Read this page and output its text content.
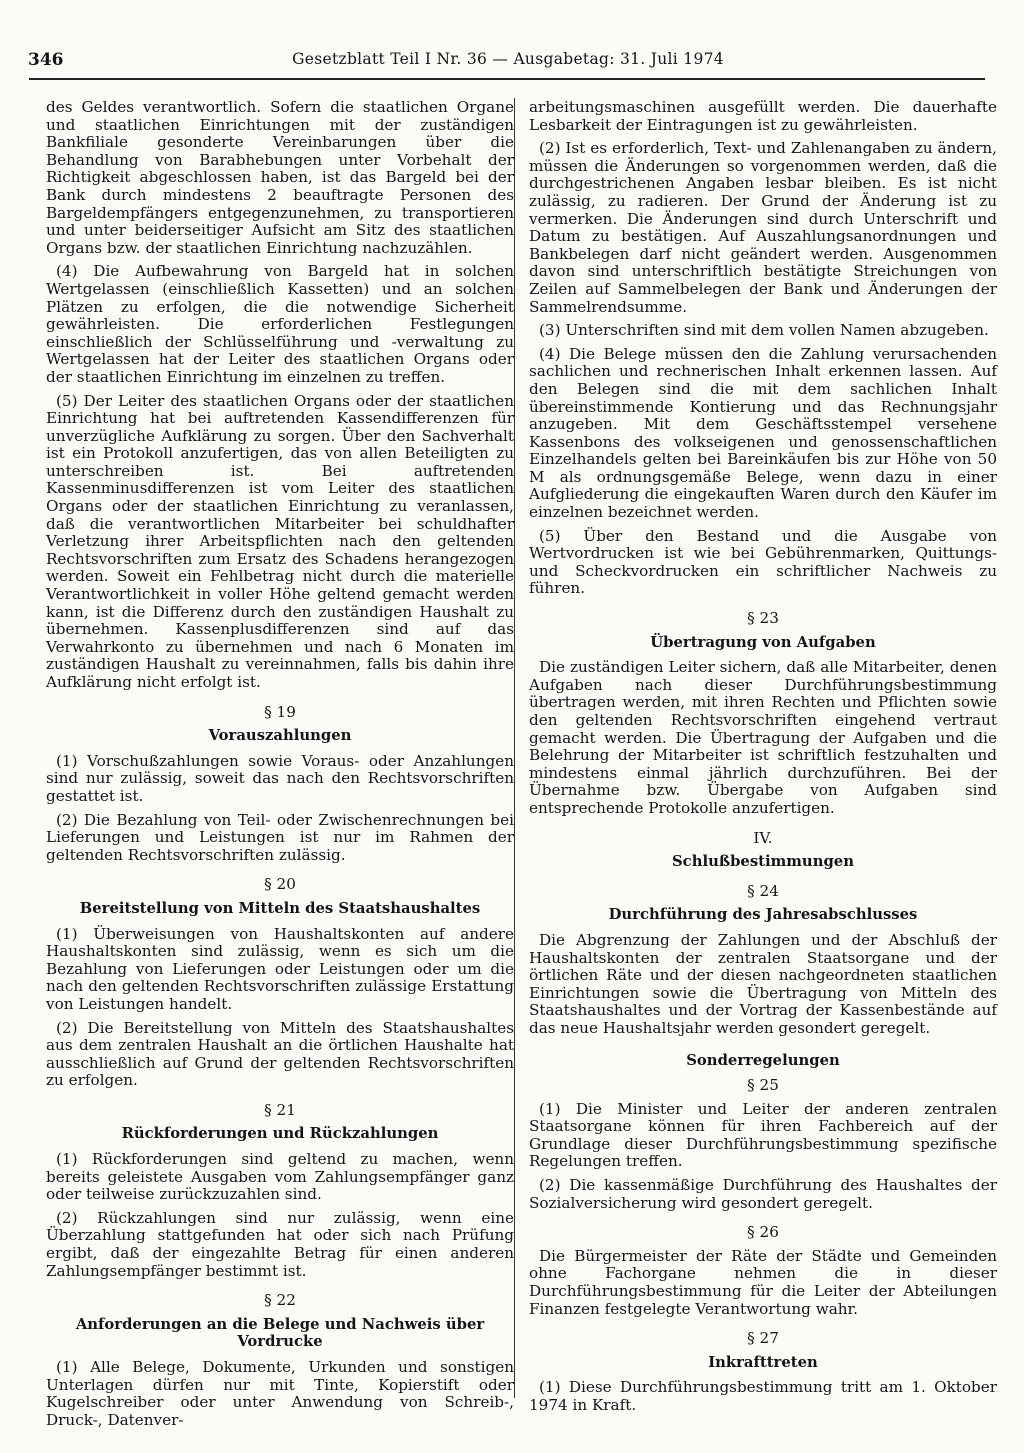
346	Gesetzblatt Teil I Nr. 36 — Ausgabetag: 31. Juli 1974

des Geldes verantwortlich. Sofern die staatlichen Organe und staatlichen Einrichtungen mit der zuständigen Bankfiliale gesonderte Vereinbarungen über die Behandlung von Barabhebungen unter Vorbehalt der Richtigkeit abgeschlossen haben, ist das Bargeld bei der Bank durch mindestens 2 beauftragte Personen des Bargeldempfängers entgegenzunehmen, zu transportieren und unter beiderseitiger Aufsicht am Sitz des staatlichen Organs bzw. der staatlichen Einrichtung nachzuzählen.

(4) Die Aufbewahrung von Bargeld hat in solchen Wertgelassen (einschließlich Kassetten) und an solchen Plätzen zu erfolgen, die die notwendige Sicherheit gewährleisten. Die erforderlichen Festlegungen einschließlich der Schlüsselführung und -verwaltung zu Wertgelassen hat der Leiter des staatlichen Organs oder der staatlichen Einrichtung im einzelnen zu treffen.

(5) Der Leiter des staatlichen Organs oder der staatlichen Einrichtung hat bei auftretenden Kassendifferenzen für unverzügliche Aufklärung zu sorgen. Über den Sachverhalt ist ein Protokoll anzufertigen, das von allen Beteiligten zu unterschreiben ist. Bei auftretenden Kassenminusdifferenzen ist vom Leiter des staatlichen Organs oder der staatlichen Einrichtung zu veranlassen, daß die verantwortlichen Mitarbeiter bei schuldhafter Verletzung ihrer Arbeitspflichten nach den geltenden Rechtsvorschriften zum Ersatz des Schadens herangezogen werden. Soweit ein Fehlbetrag nicht durch die materielle Verantwortlichkeit in voller Höhe geltend gemacht werden kann, ist die Differenz durch den zuständigen Haushalt zu übernehmen. Kassenplusdifferenzen sind auf das Verwahrkonto zu übernehmen und nach 6 Monaten im zuständigen Haushalt zu vereinnahmen, falls bis dahin ihre Aufklärung nicht erfolgt ist.

§ 19
Vorauszahlungen

(1) Vorschußzahlungen sowie Voraus- oder Anzahlungen sind nur zulässig, soweit das nach den Rechtsvorschriften gestattet ist.

(2) Die Bezahlung von Teil- oder Zwischenrechnungen bei Lieferungen und Leistungen ist nur im Rahmen der geltenden Rechtsvorschriften zulässig.

§ 20
Bereitstellung von Mitteln des Staatshaushaltes

(1) Überweisungen von Haushaltskonten auf andere Haushaltskonten sind zulässig, wenn es sich um die Bezahlung von Lieferungen oder Leistungen oder um die nach den geltenden Rechtsvorschriften zulässige Erstattung von Leistungen handelt.

(2) Die Bereitstellung von Mitteln des Staatshaushaltes aus dem zentralen Haushalt an die örtlichen Haushalte hat ausschließlich auf Grund der geltenden Rechtsvorschriften zu erfolgen.

§ 21
Rückforderungen und Rückzahlungen

(1) Rückforderungen sind geltend zu machen, wenn bereits geleistete Ausgaben vom Zahlungsempfänger ganz oder teilweise zurückzuzahlen sind.

(2) Rückzahlungen sind nur zulässig, wenn eine Überzahlung stattgefunden hat oder sich nach Prüfung ergibt, daß der eingezahlte Betrag für einen anderen Zahlungsempfänger bestimmt ist.

§ 22
Anforderungen an die Belege und Nachweis über Vordrucke

(1) Alle Belege, Dokumente, Urkunden und sonstigen Unterlagen dürfen nur mit Tinte, Kopierstift oder Kugelschreiber oder unter Anwendung von Schreib-, Druck-, Datenver-

arbeitungsmaschinen ausgefüllt werden. Die dauerhafte Lesbarkeit der Eintragungen ist zu gewährleisten.

(2) Ist es erforderlich, Text- und Zahlenangaben zu ändern, müssen die Änderungen so vorgenommen werden, daß die durchgestrichenen Angaben lesbar bleiben. Es ist nicht zulässig, zu radieren. Der Grund der Änderung ist zu vermerken. Die Änderungen sind durch Unterschrift und Datum zu bestätigen. Auf Auszahlungsanordnungen und Bankbelegen darf nicht geändert werden. Ausgenommen davon sind unterschriftlich bestätigte Streichungen von Zeilen auf Sammelbelegen der Bank und Änderungen der Sammelrendsumme.

(3) Unterschriften sind mit dem vollen Namen abzugeben.

(4) Die Belege müssen den die Zahlung verursachenden sachlichen und rechnerischen Inhalt erkennen lassen. Auf den Belegen sind die mit dem sachlichen Inhalt übereinstimmende Kontierung und das Rechnungsjahr anzugeben. Mit dem Geschäftsstempel versehene Kassenbons des volkseigenen und genossenschaftlichen Einzelhandels gelten bei Bareinkäufen bis zur Höhe von 50 M als ordnungsgemäße Belege, wenn dazu in einer Aufgliederung die eingekauften Waren durch den Käufer im einzelnen bezeichnet werden.

(5) Über den Bestand und die Ausgabe von Wertvordrucken ist wie bei Gebührenmarken, Quittungs- und Scheckvordrucken ein schriftlicher Nachweis zu führen.

§ 23
Übertragung von Aufgaben

Die zuständigen Leiter sichern, daß alle Mitarbeiter, denen Aufgaben nach dieser Durchführungsbestimmung übertragen werden, mit ihren Rechten und Pflichten sowie den geltenden Rechtsvorschriften eingehend vertraut gemacht werden. Die Übertragung der Aufgaben und die Belehrung der Mitarbeiter ist schriftlich festzuhalten und mindestens einmal jährlich durchzuführen. Bei der Übernahme bzw. Übergabe von Aufgaben sind entsprechende Protokolle anzufertigen.

IV.
Schlußbestimmungen
§ 24
Durchführung des Jahresabschlusses

Die Abgrenzung der Zahlungen und der Abschluß der Haushaltskonten der zentralen Staatsorgane und der örtlichen Räte und der diesen nachgeordneten staatlichen Einrichtungen sowie die Übertragung von Mitteln des Staatshaushaltes und der Vortrag der Kassenbestände auf das neue Haushaltsjahr werden gesondert geregelt.

Sonderregelungen
§ 25

(1) Die Minister und Leiter der anderen zentralen Staatsorgane können für ihren Fachbereich auf der Grundlage dieser Durchführungsbestimmung spezifische Regelungen treffen.

(2) Die kassenmäßige Durchführung des Haushaltes der Sozialversicherung wird gesondert geregelt.

§ 26

Die Bürgermeister der Räte der Städte und Gemeinden ohne Fachorgane nehmen die in dieser Durchführungsbestimmung für die Leiter der Abteilungen Finanzen festgelegte Verantwortung wahr.

§ 27
Inkrafttreten

(1) Diese Durchführungsbestimmung tritt am 1. Oktober 1974 in Kraft.
